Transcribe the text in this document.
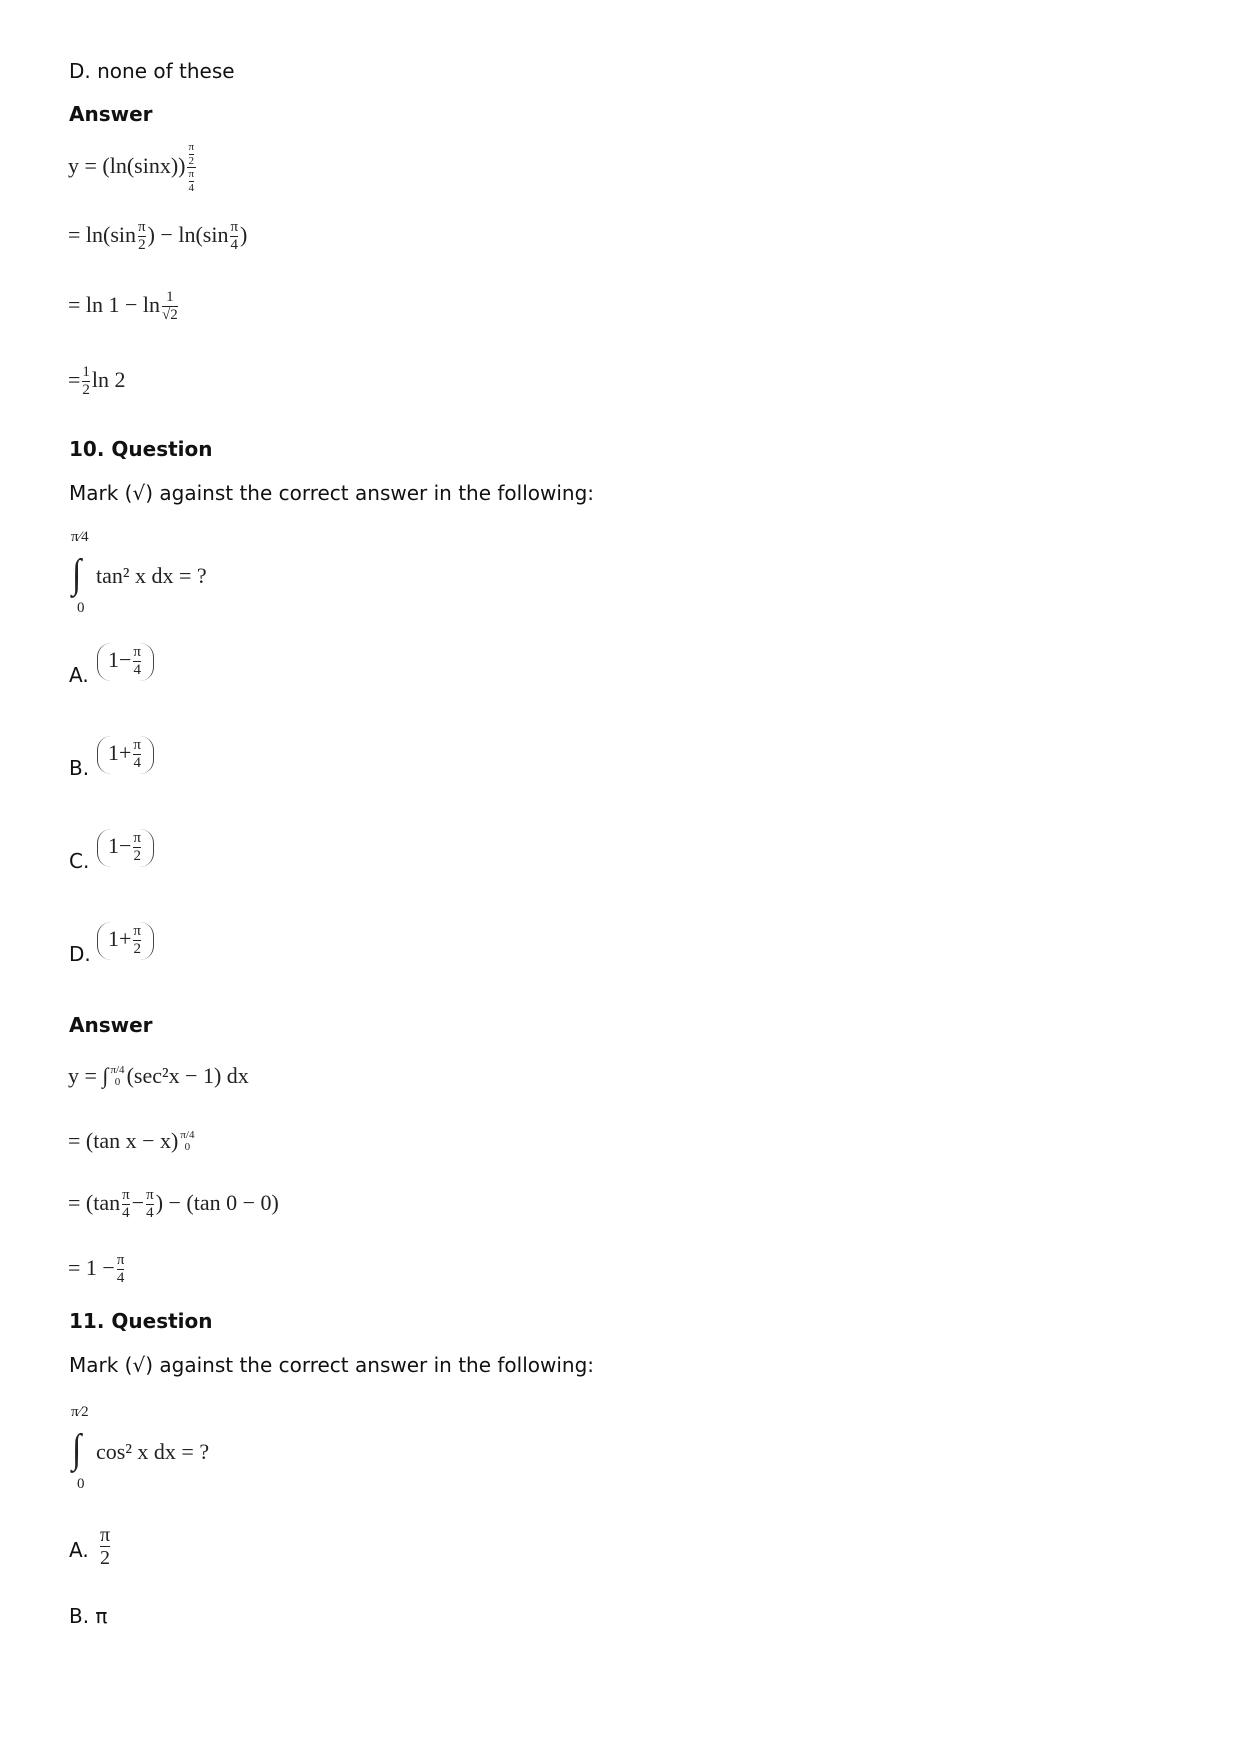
D. none of these
Answer
y = (ln(sinx)) π
2
$\frac{\pi}{4}$
= $\ln(\sin \frac{\pi}{2}$ ) − $\ln(\sin \frac{\pi}{4}$ )
= $\ln 1 - \ln \frac{1}{√2}$
= $\frac{1}{2}$ ln 2
10. Question
Mark (√) against the correct answer in the following:
π⁄4
∫ tan² x dx = ?
0
A.
$1- \frac{\pi}{4}$
B.
$1+ \frac{\pi}{4}$
C.
$1- \frac{\pi}{2}$
D.
$1+ \frac{\pi}{2}$
Answer
y = ∫ π/4
0 (sec²x − 1) dx
= (tan x − x) π/4
0
= ($\tan \frac{\pi}{4} - \frac{\pi}{4}$ ) − (tan 0 − 0)
= $1 - \frac{\pi}{4}$
11. Question
Mark (√) against the correct answer in the following:
π⁄2
∫ cos² x dx = ?
0
A. $\frac{\pi}{2}$
B. π
